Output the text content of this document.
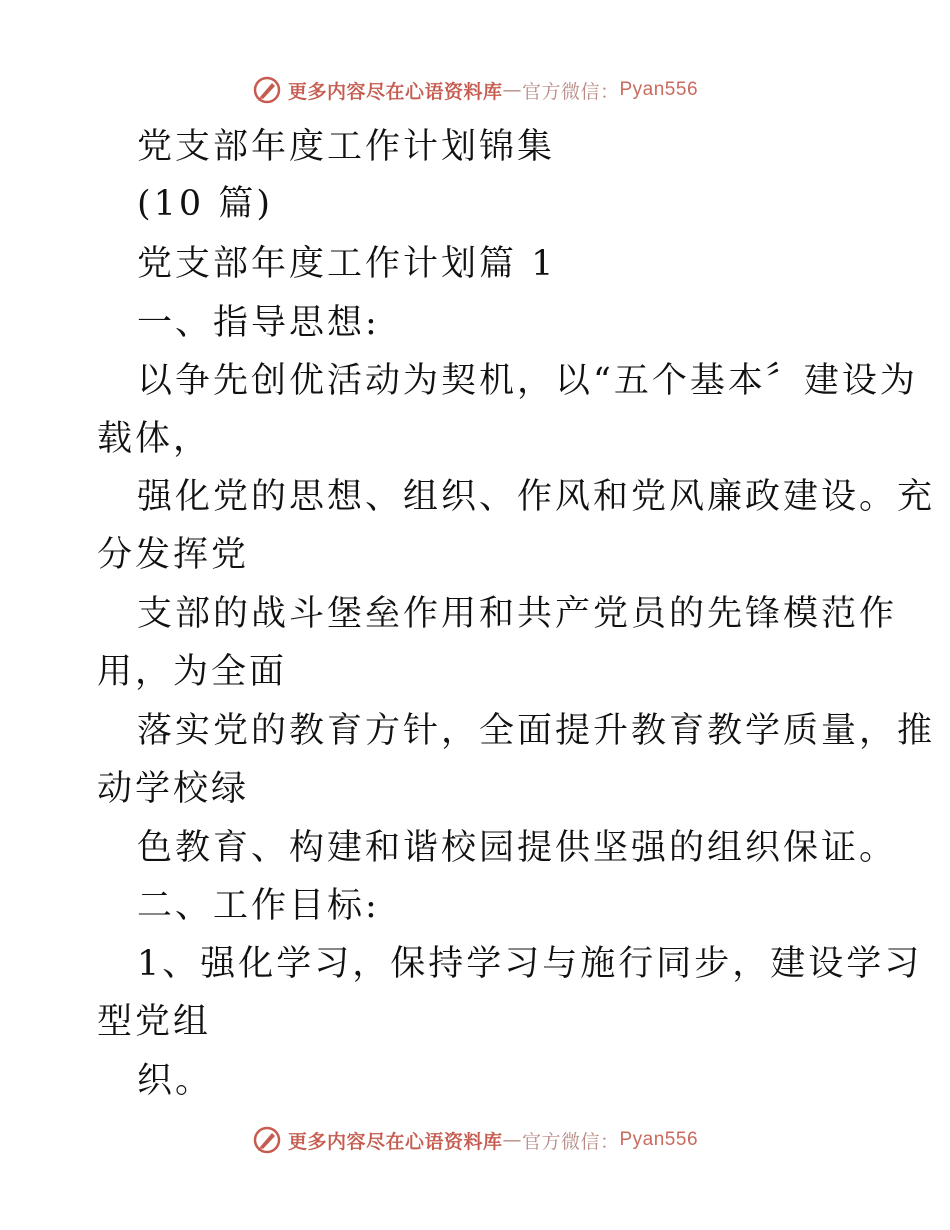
更多内容尽在心语资料库 — 官方微信： Pyan556
党支部年度工作计划锦集
(10 篇)
党支部年度工作计划篇 1
一、指导思想:
以争先创优活动为契机，以“五个基本〞建设为
载体，
强化党的思想、组织、作风和党风廉政建设。充
分发挥党
支部的战斗堡垒作用和共产党员的先锋模范作
用，为全面
落实党的教育方针，全面提升教育教学质量，推
动学校绿
色教育、构建和谐校园提供坚强的组织保证。
二、工作目标:
1、强化学习，保持学习与施行同步，建设学习
型党组
织。
更多内容尽在心语资料库 — 官方微信： Pyan556
